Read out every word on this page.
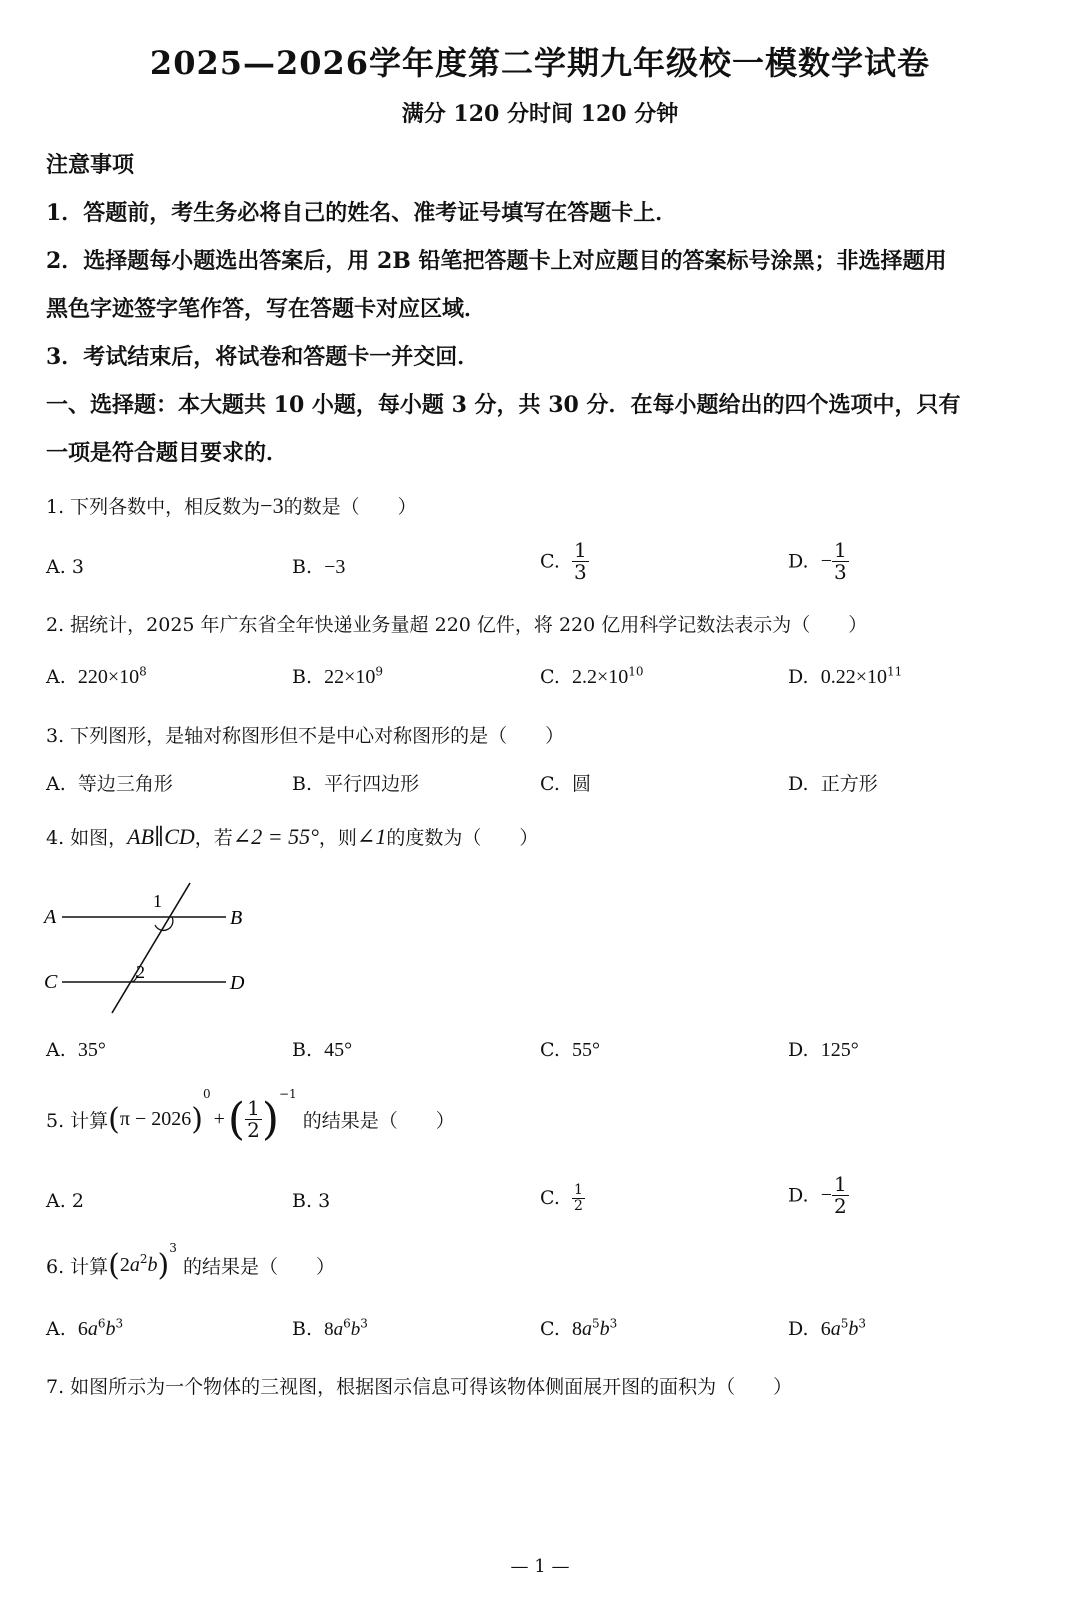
2025—2026学年度第二学期九年级校一模数学试卷
满分 120 分时间 120 分钟
注意事项
1．答题前，考生务必将自己的姓名、准考证号填写在答题卡上．
2．选择题每小题选出答案后，用 2B 铅笔把答题卡上对应题目的答案标号涂黑；非选择题用
黑色字迹签字笔作答，写在答题卡对应区域．
3．考试结束后，将试卷和答题卡一并交回．
一、选择题：本大题共 10 小题，每小题 3 分，共 30 分．在每小题给出的四个选项中，只有
一项是符合题目要求的．
1. 下列各数中，相反数为−3的数是（　　）
A. 3	B. −3	C. $\frac{1}{3}$	D. − $\frac{1}{3}$
2. 据统计，2025 年广东省全年快递业务量超 220 亿件，将 220 亿用科学记数法表示为（　　）
A. $220\times 10^8$	B. $22\times 10^9$	C. $2.2\times 10^{10}$	D. $0.22\times 10^{11}$
3. 下列图形，是轴对称图形但不是中心对称图形的是（　　）
A. 等边三角形	B. 平行四边形	C. 圆	D. 正方形
4. 如图，AB∥CD，若∠2 = 55°，则∠1的度数为（　　）
A	B
C	D
1
2
A. 35°	B. 45°	C. 55°	D. 125°
5. 计算$(\pi - 2026)^0+( \frac{1}{2} )^{-1}$ 的结果是（　　）
A. 2	B. 3	C. $\frac{1}{2}$	D. − $\frac{1}{2}$
6. 计算$(2a^2b)^3$ 的结果是（　　）
A. $6a^6b^3$	B. $8a^6b^3$	C. $8a^5b^3$	D. $6a^5b^3$
7. 如图所示为一个物体的三视图，根据图示信息可得该物体侧面展开图的面积为（　　）
— 1 —
